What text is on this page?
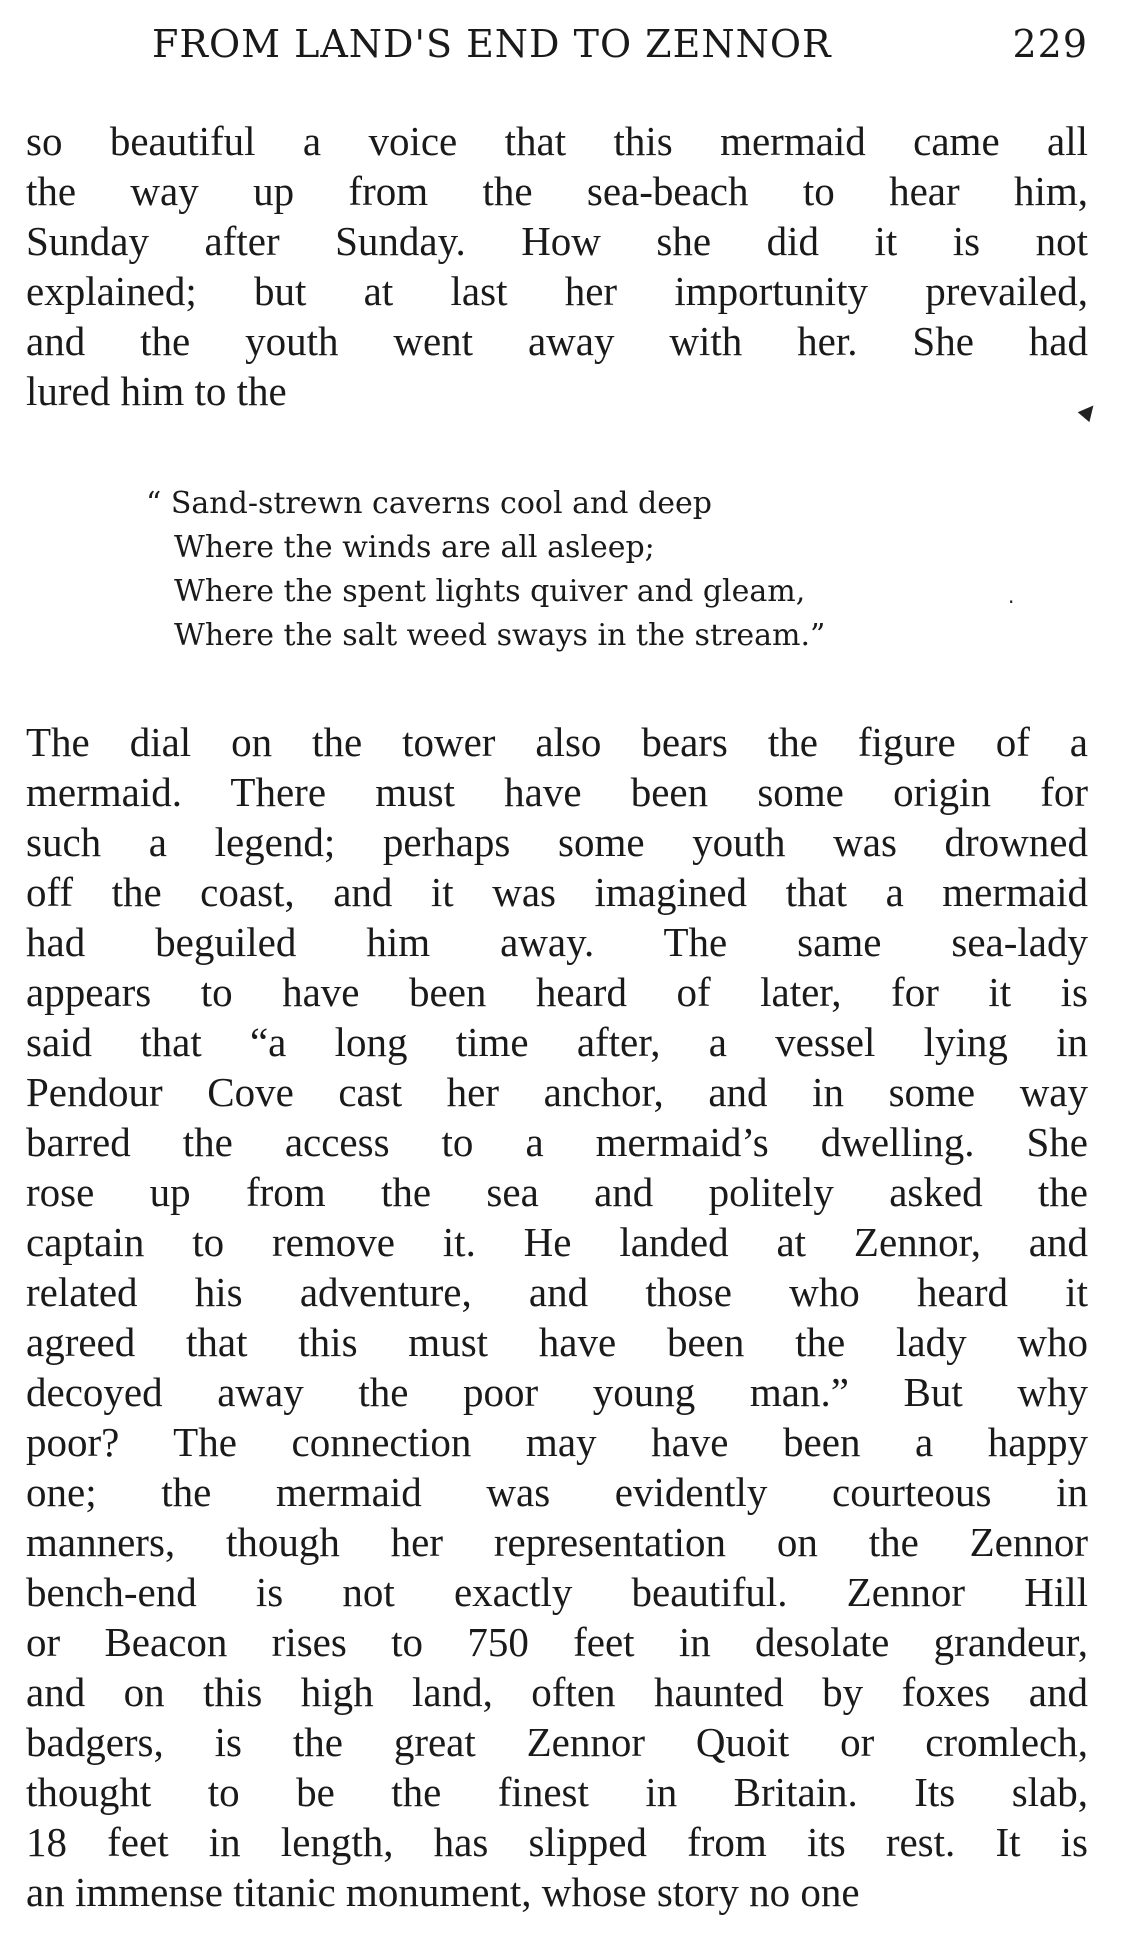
FROM LAND'S END TO ZENNOR	229
so beautiful a voice that this mermaid came all
the way up from the sea-beach to hear him,
Sunday after Sunday. How she did it is not
explained; but at last her importunity prevailed,
and the youth went away with her. She had
lured him to the
“ Sand-strewn caverns cool and deep
Where the winds are all asleep;
Where the spent lights quiver and gleam,
Where the salt weed sways in the stream.”
The dial on the tower also bears the figure of a
mermaid. There must have been some origin for
such a legend; perhaps some youth was drowned
off the coast, and it was imagined that a mermaid
had beguiled him away. The same sea-lady
appears to have been heard of later, for it is
said that “a long time after, a vessel lying in
Pendour Cove cast her anchor, and in some way
barred the access to a mermaid’s dwelling. She
rose up from the sea and politely asked the
captain to remove it. He landed at Zennor, and
related his adventure, and those who heard it
agreed that this must have been the lady who
decoyed away the poor young man.” But why
poor? The connection may have been a happy
one; the mermaid was evidently courteous in
manners, though her representation on the Zennor
bench-end is not exactly beautiful. Zennor Hill
or Beacon rises to 750 feet in desolate grandeur,
and on this high land, often haunted by foxes and
badgers, is the great Zennor Quoit or cromlech,
thought to be the finest in Britain. Its slab,
18 feet in length, has slipped from its rest. It is
an immense titanic monument, whose story no one
▲
.
